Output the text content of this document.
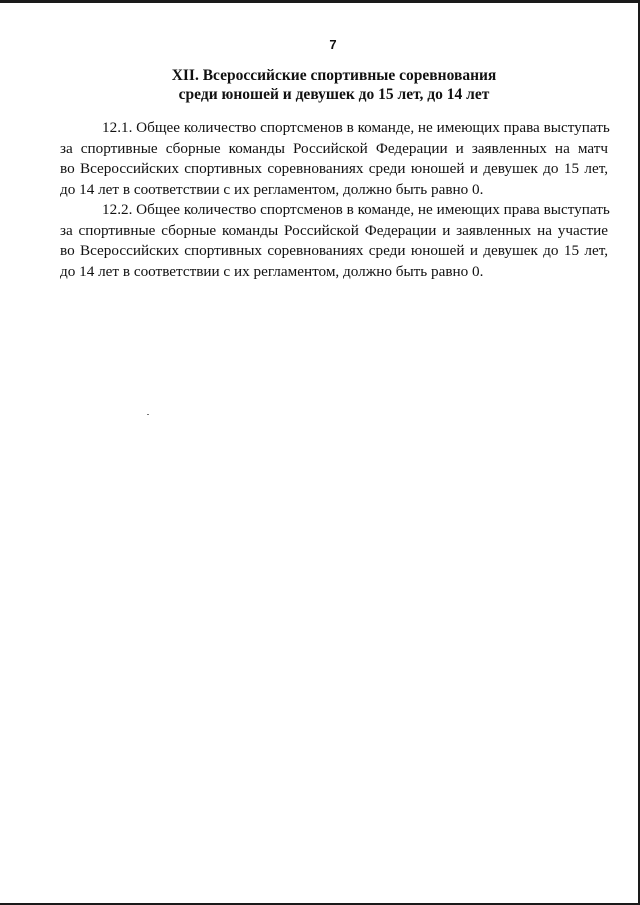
7
XII. Всероссийские спортивные соревнования
среди юношей и девушек до 15 лет, до 14 лет
12.1. Общее количество спортсменов в команде, не имеющих права выступать
за спортивные сборные команды Российской Федерации и заявленных на матч
во Всероссийских спортивных соревнованиях среди юношей и девушек до 15 лет,
до 14 лет в соответствии с их регламентом, должно быть равно 0.
12.2. Общее количество спортсменов в команде, не имеющих права выступать
за спортивные сборные команды Российской Федерации и заявленных на участие
во Всероссийских спортивных соревнованиях среди юношей и девушек до 15 лет,
до 14 лет в соответствии с их регламентом, должно быть равно 0.
